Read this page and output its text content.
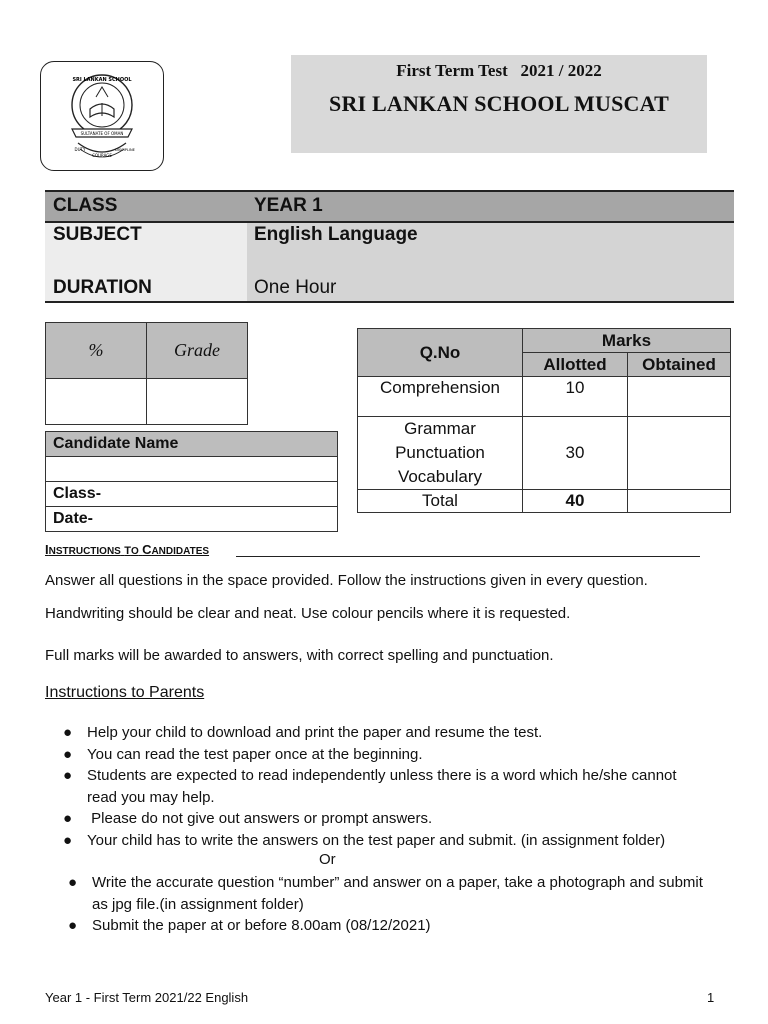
SRI LANKAN SCHOOL
SULTANATE OF OMAN
DUTY
COURAGE
DISCIPLINE
First Term Test   2021 / 2022
SRI LANKAN SCHOOL MUSCAT
CLASS	YEAR 1
SUBJECT	English Language
DURATION	One Hour
%	Grade

Candidate Name

Class-
Date-
Q.No	Marks	
	Allotted	Obtained
Comprehension	10	

Grammar
Punctuation
Vocabulary	30	
Total	40	
INSTRUCTIONS TO CANDIDATES
Answer all questions in the space provided. Follow the instructions given in every question.
Handwriting should be clear and neat. Use colour pencils where it is requested.
Full marks will be awarded to answers, with correct spelling and punctuation.
Instructions to Parents
● Help your child to download and print the paper and resume the test.
● You can read the test paper once at the beginning.
● Students are expected to read independently unless there is a word which he/she cannot read you may help.
● Please do not give out answers or prompt answers.
● Your child has to write the answers on the test paper and submit. (in assignment folder)
Or
● Write the accurate question “number” and answer on a paper, take a photograph and submit as jpg file.(in assignment folder)
● Submit the paper at or before 8.00am (08/12/2021)
Year 1 - First Term 2021/22 English	1
